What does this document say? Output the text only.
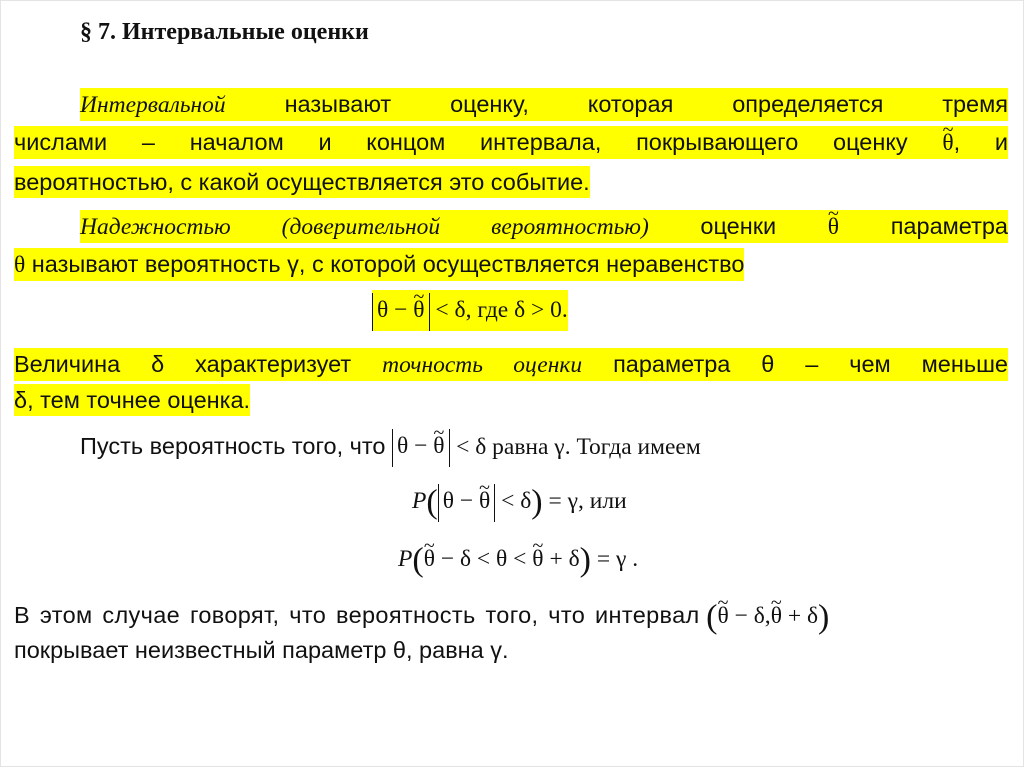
§ 7. Интервальные оценки
Интервальной	называют оценку, которая определяется тремя
числами – началом и концом интервала, покрывающего оценку ~ θ, и
вероятностью, с какой осуществляется это событие.
Надежностью (доверительной вероятностью) оценки ~ θ параметра
θ называют вероятность γ, с которой осуществляется неравенство
θ − ~ θ < δ, где δ > 0.
Величина δ характеризует точность оценки параметра θ – чем меньше
δ, тем точнее оценка.
Пусть вероятность того, что θ − ~ θ < δ равна γ. Тогда имеем
P( θ − ~ θ < δ) = γ, или
P(~ θ − δ < θ < ~ θ + δ) = γ .
В этом случае говорят, что вероятность того, что интервал (~ θ − δ,~ θ + δ)
покрывает неизвестный параметр θ, равна γ.
